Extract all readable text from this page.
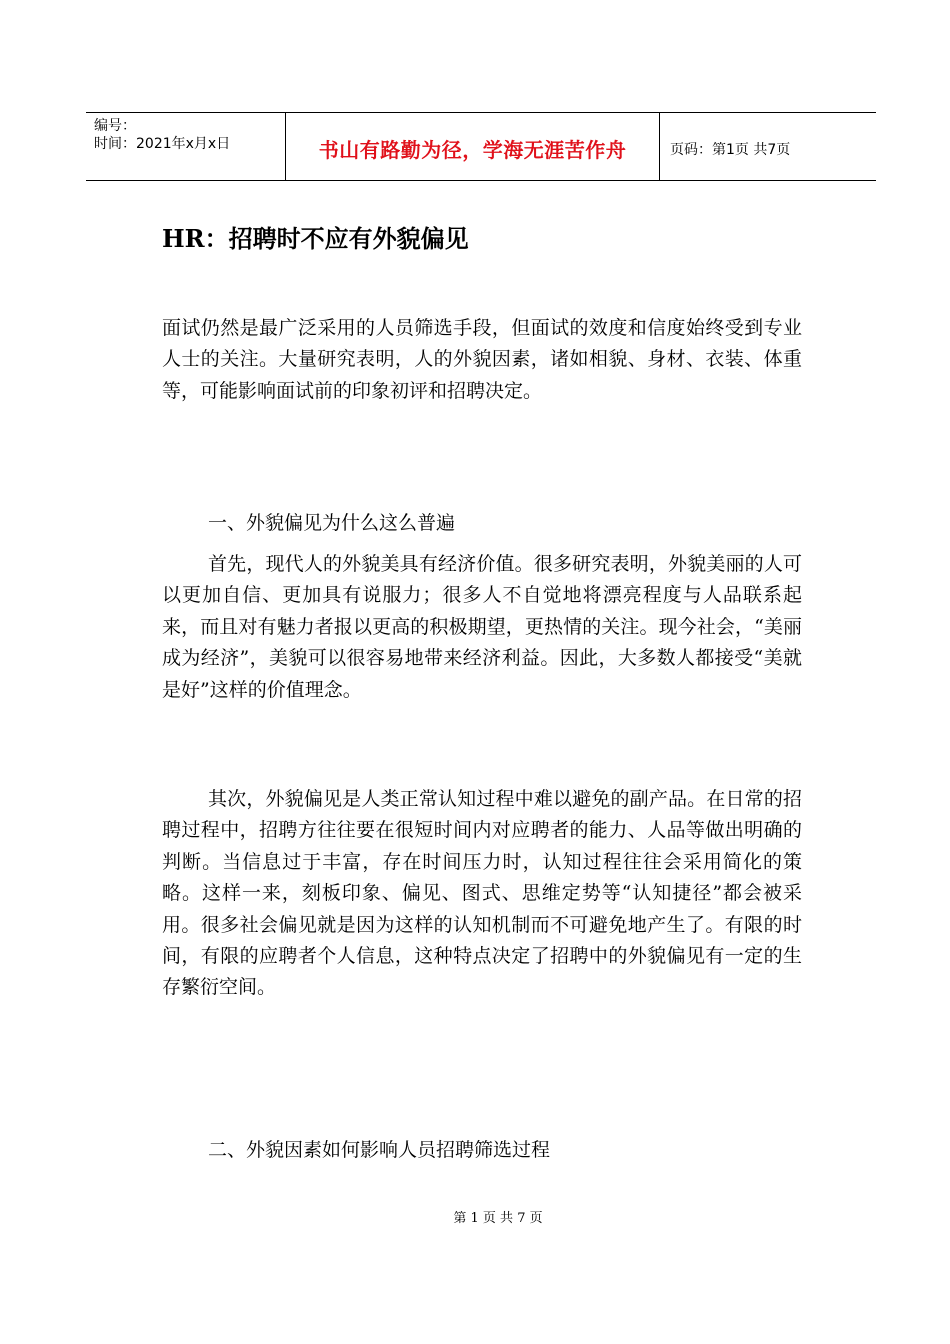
编号：
时间：2021年x月x日	书山有路勤为径，学海无涯苦作舟	页码：第1页 共7页
HR：招聘时不应有外貌偏见

面试仍然是最广泛采用的人员筛选手段，但面试的效度和信度始终受到专业人士的关注。大量研究表明，人的外貌因素，诸如相貌、身材、衣装、体重等，可能影响面试前的印象初评和招聘决定。

一、外貌偏见为什么这么普遍

首先，现代人的外貌美具有经济价值。很多研究表明，外貌美丽的人可以更加自信、更加具有说服力；很多人不自觉地将漂亮程度与人品联系起来，而且对有魅力者报以更高的积极期望，更热情的关注。现今社会，“美丽成为经济”，美貌可以很容易地带来经济利益。因此，大多数人都接受“美就是好”这样的价值理念。

其次，外貌偏见是人类正常认知过程中难以避免的副产品。在日常的招聘过程中，招聘方往往要在很短时间内对应聘者的能力、人品等做出明确的判断。当信息过于丰富，存在时间压力时，认知过程往往会采用简化的策略。这样一来，刻板印象、偏见、图式、思维定势等“认知捷径”都会被采用。很多社会偏见就是因为这样的认知机制而不可避免地产生了。有限的时间，有限的应聘者个人信息，这种特点决定了招聘中的外貌偏见有一定的生存繁衍空间。

二、外貌因素如何影响人员招聘筛选过程

第 1 页 共 7 页
